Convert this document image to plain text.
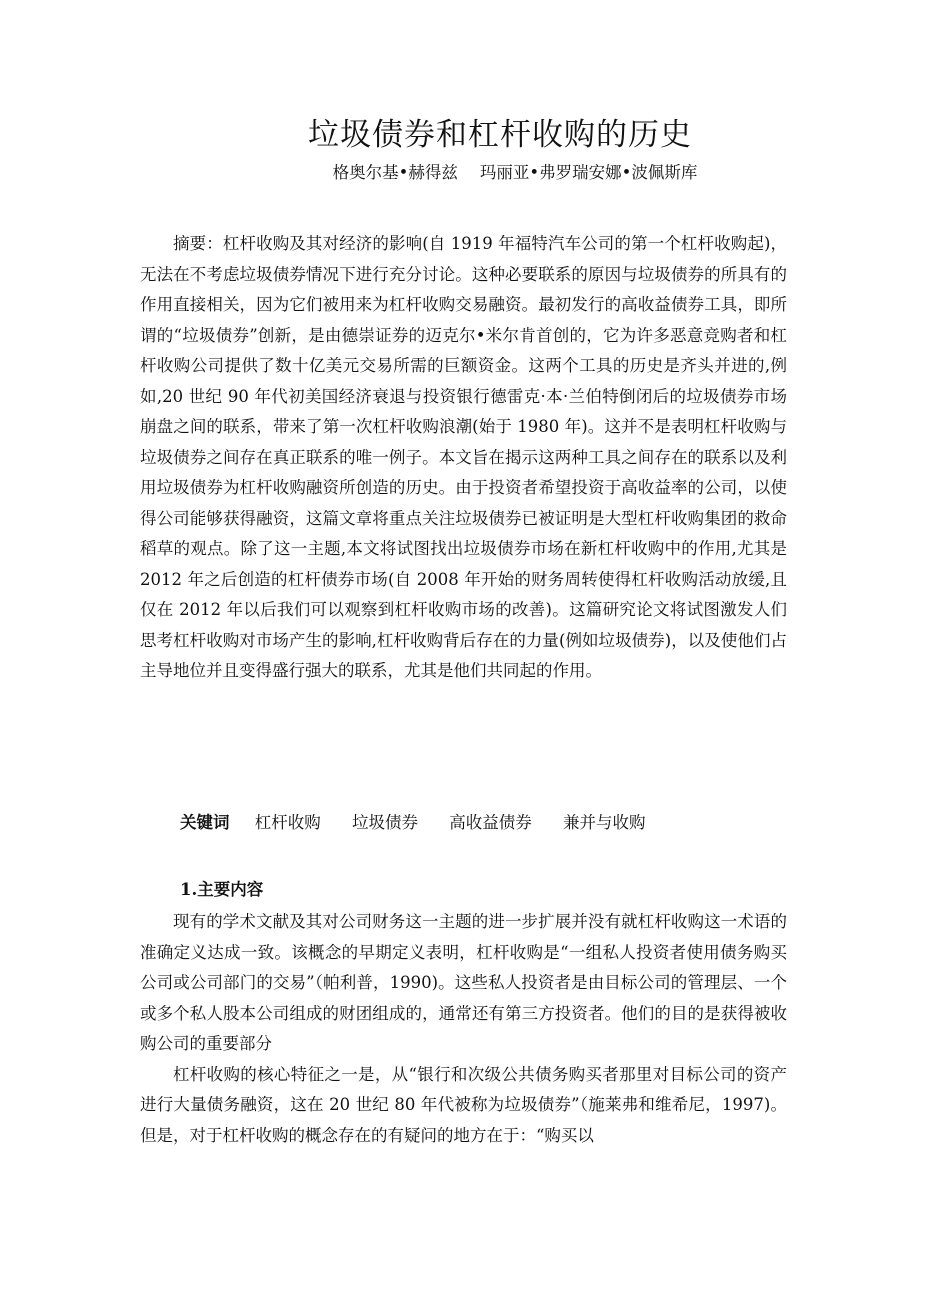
垃圾债券和杠杆收购的历史
格奥尔基•赫得兹 玛丽亚•弗罗瑞安娜•波佩斯库

摘要：杠杆收购及其对经济的影响(自 1919 年福特汽车公司的第一个杠杆收购起)，无法在不考虑垃圾债券情况下进行充分讨论。这种必要联系的原因与垃圾债券的所具有的作用直接相关，因为它们被用来为杠杆收购交易融资。最初发行的高收益债券工具，即所谓的“垃圾债券”创新，是由德崇证券的迈克尔•米尔肯首创的，它为许多恶意竞购者和杠杆收购公司提供了数十亿美元交易所需的巨额资金。这两个工具的历史是齐头并进的,例如,20 世纪 90 年代初美国经济衰退与投资银行德雷克·本·兰伯特倒闭后的垃圾债券市场崩盘之间的联系，带来了第一次杠杆收购浪潮(始于 1980 年)。这并不是表明杠杆收购与垃圾债券之间存在真正联系的唯一例子。本文旨在揭示这两种工具之间存在的联系以及利用垃圾债券为杠杆收购融资所创造的历史。由于投资者希望投资于高收益率的公司，以使得公司能够获得融资，这篇文章将重点关注垃圾债券已被证明是大型杠杆收购集团的救命稻草的观点。除了这一主题,本文将试图找出垃圾债券市场在新杠杆收购中的作用,尤其是 2012 年之后创造的杠杆债券市场(自 2008 年开始的财务周转使得杠杆收购活动放缓,且仅在 2012 年以后我们可以观察到杠杆收购市场的改善)。这篇研究论文将试图激发人们思考杠杆收购对市场产生的影响,杠杆收购背后存在的力量(例如垃圾债券)，以及使他们占主导地位并且变得盛行强大的联系，尤其是他们共同起的作用。

关键词 杠杆收购 垃圾债券 高收益债券 兼并与收购
1.主要内容

现有的学术文献及其对公司财务这一主题的进一步扩展并没有就杠杆收购这一术语的准确定义达成一致。该概念的早期定义表明，杠杆收购是“一组私人投资者使用债务购买公司或公司部门的交易”（帕利普，1990)。这些私人投资者是由目标公司的管理层、一个或多个私人股本公司组成的财团组成的，通常还有第三方投资者。他们的目的是获得被收购公司的重要部分

杠杆收购的核心特征之一是，从“银行和次级公共债务购买者那里对目标公司的资产进行大量债务融资，这在 20 世纪 80 年代被称为垃圾债券”（施莱弗和维希尼，1997)。但是，对于杠杆收购的概念存在的有疑问的地方在于：“购买以
